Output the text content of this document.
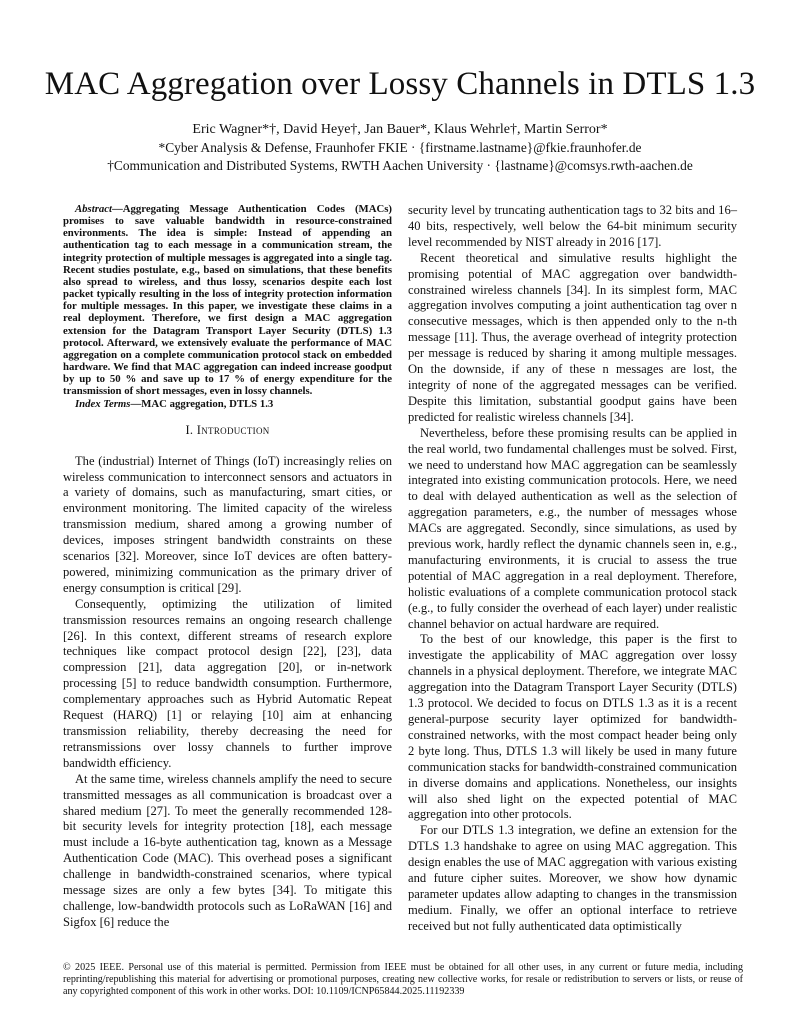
MAC Aggregation over Lossy Channels in DTLS 1.3
Eric Wagner*†, David Heye†, Jan Bauer*, Klaus Wehrle†, Martin Serror*
*Cyber Analysis & Defense, Fraunhofer FKIE · {firstname.lastname}@fkie.fraunhofer.de
†Communication and Distributed Systems, RWTH Aachen University · {lastname}@comsys.rwth-aachen.de

Abstract—Aggregating Message Authentication Codes (MACs) promises to save valuable bandwidth in resource-constrained environments. The idea is simple: Instead of appending an authentication tag to each message in a communication stream, the integrity protection of multiple messages is aggregated into a single tag. Recent studies postulate, e.g., based on simulations, that these benefits also spread to wireless, and thus lossy, scenarios despite each lost packet typically resulting in the loss of integrity protection information for multiple messages. In this paper, we investigate these claims in a real deployment. Therefore, we first design a MAC aggregation extension for the Datagram Transport Layer Security (DTLS) 1.3 protocol. Afterward, we extensively evaluate the performance of MAC aggregation on a complete communication protocol stack on embedded hardware. We find that MAC aggregation can indeed increase goodput by up to 50 % and save up to 17 % of energy expenditure for the transmission of short messages, even in lossy channels.

Index Terms—MAC aggregation, DTLS 1.3

I. Introduction

The (industrial) Internet of Things (IoT) increasingly relies on wireless communication to interconnect sensors and actuators in a variety of domains, such as manufacturing, smart cities, or environment monitoring. The limited capacity of the wireless transmission medium, shared among a growing number of devices, imposes stringent bandwidth constraints on these scenarios [32]. Moreover, since IoT devices are often battery-powered, minimizing communication as the primary driver of energy consumption is critical [29].

Consequently, optimizing the utilization of limited transmission resources remains an ongoing research challenge [26]. In this context, different streams of research explore techniques like compact protocol design [22], [23], data compression [21], data aggregation [20], or in-network processing [5] to reduce bandwidth consumption. Furthermore, complementary approaches such as Hybrid Automatic Repeat Request (HARQ) [1] or relaying [10] aim at enhancing transmission reliability, thereby decreasing the need for retransmissions over lossy channels to further improve bandwidth efficiency.

At the same time, wireless channels amplify the need to secure transmitted messages as all communication is broadcast over a shared medium [27]. To meet the generally recommended 128-bit security levels for integrity protection [18], each message must include a 16-byte authentication tag, known as a Message Authentication Code (MAC). This overhead poses a significant challenge in bandwidth-constrained scenarios, where typical message sizes are only a few bytes [34]. To mitigate this challenge, low-bandwidth protocols such as LoRaWAN [16] and Sigfox [6] reduce the

security level by truncating authentication tags to 32 bits and 16–40 bits, respectively, well below the 64-bit minimum security level recommended by NIST already in 2016 [17].

Recent theoretical and simulative results highlight the promising potential of MAC aggregation over bandwidth-constrained wireless channels [34]. In its simplest form, MAC aggregation involves computing a joint authentication tag over n consecutive messages, which is then appended only to the n-th message [11]. Thus, the average overhead of integrity protection per message is reduced by sharing it among multiple messages. On the downside, if any of these n messages are lost, the integrity of none of the aggregated messages can be verified. Despite this limitation, substantial goodput gains have been predicted for realistic wireless channels [34].

Nevertheless, before these promising results can be applied in the real world, two fundamental challenges must be solved. First, we need to understand how MAC aggregation can be seamlessly integrated into existing communication protocols. Here, we need to deal with delayed authentication as well as the selection of aggregation parameters, e.g., the number of messages whose MACs are aggregated. Secondly, since simulations, as used by previous work, hardly reflect the dynamic channels seen in, e.g., manufacturing environments, it is crucial to assess the true potential of MAC aggregation in a real deployment. Therefore, holistic evaluations of a complete communication protocol stack (e.g., to fully consider the overhead of each layer) under realistic channel behavior on actual hardware are required.

To the best of our knowledge, this paper is the first to investigate the applicability of MAC aggregation over lossy channels in a physical deployment. Therefore, we integrate MAC aggregation into the Datagram Transport Layer Security (DTLS) 1.3 protocol. We decided to focus on DTLS 1.3 as it is a recent general-purpose security layer optimized for bandwidth-constrained networks, with the most compact header being only 2 byte long. Thus, DTLS 1.3 will likely be used in many future communication stacks for bandwidth-constrained communication in diverse domains and applications. Nonetheless, our insights will also shed light on the expected potential of MAC aggregation into other protocols.

For our DTLS 1.3 integration, we define an extension for the DTLS 1.3 handshake to agree on using MAC aggregation. This design enables the use of MAC aggregation with various existing and future cipher suites. Moreover, we show how dynamic parameter updates allow adapting to changes in the transmission medium. Finally, we offer an optional interface to retrieve received but not fully authenticated data optimistically

© 2025 IEEE. Personal use of this material is permitted. Permission from IEEE must be obtained for all other uses, in any current or future media, including reprinting/republishing this material for advertising or promotional purposes, creating new collective works, for resale or redistribution to servers or lists, or reuse of any copyrighted component of this work in other works. DOI: 10.1109/ICNP65844.2025.11192339
